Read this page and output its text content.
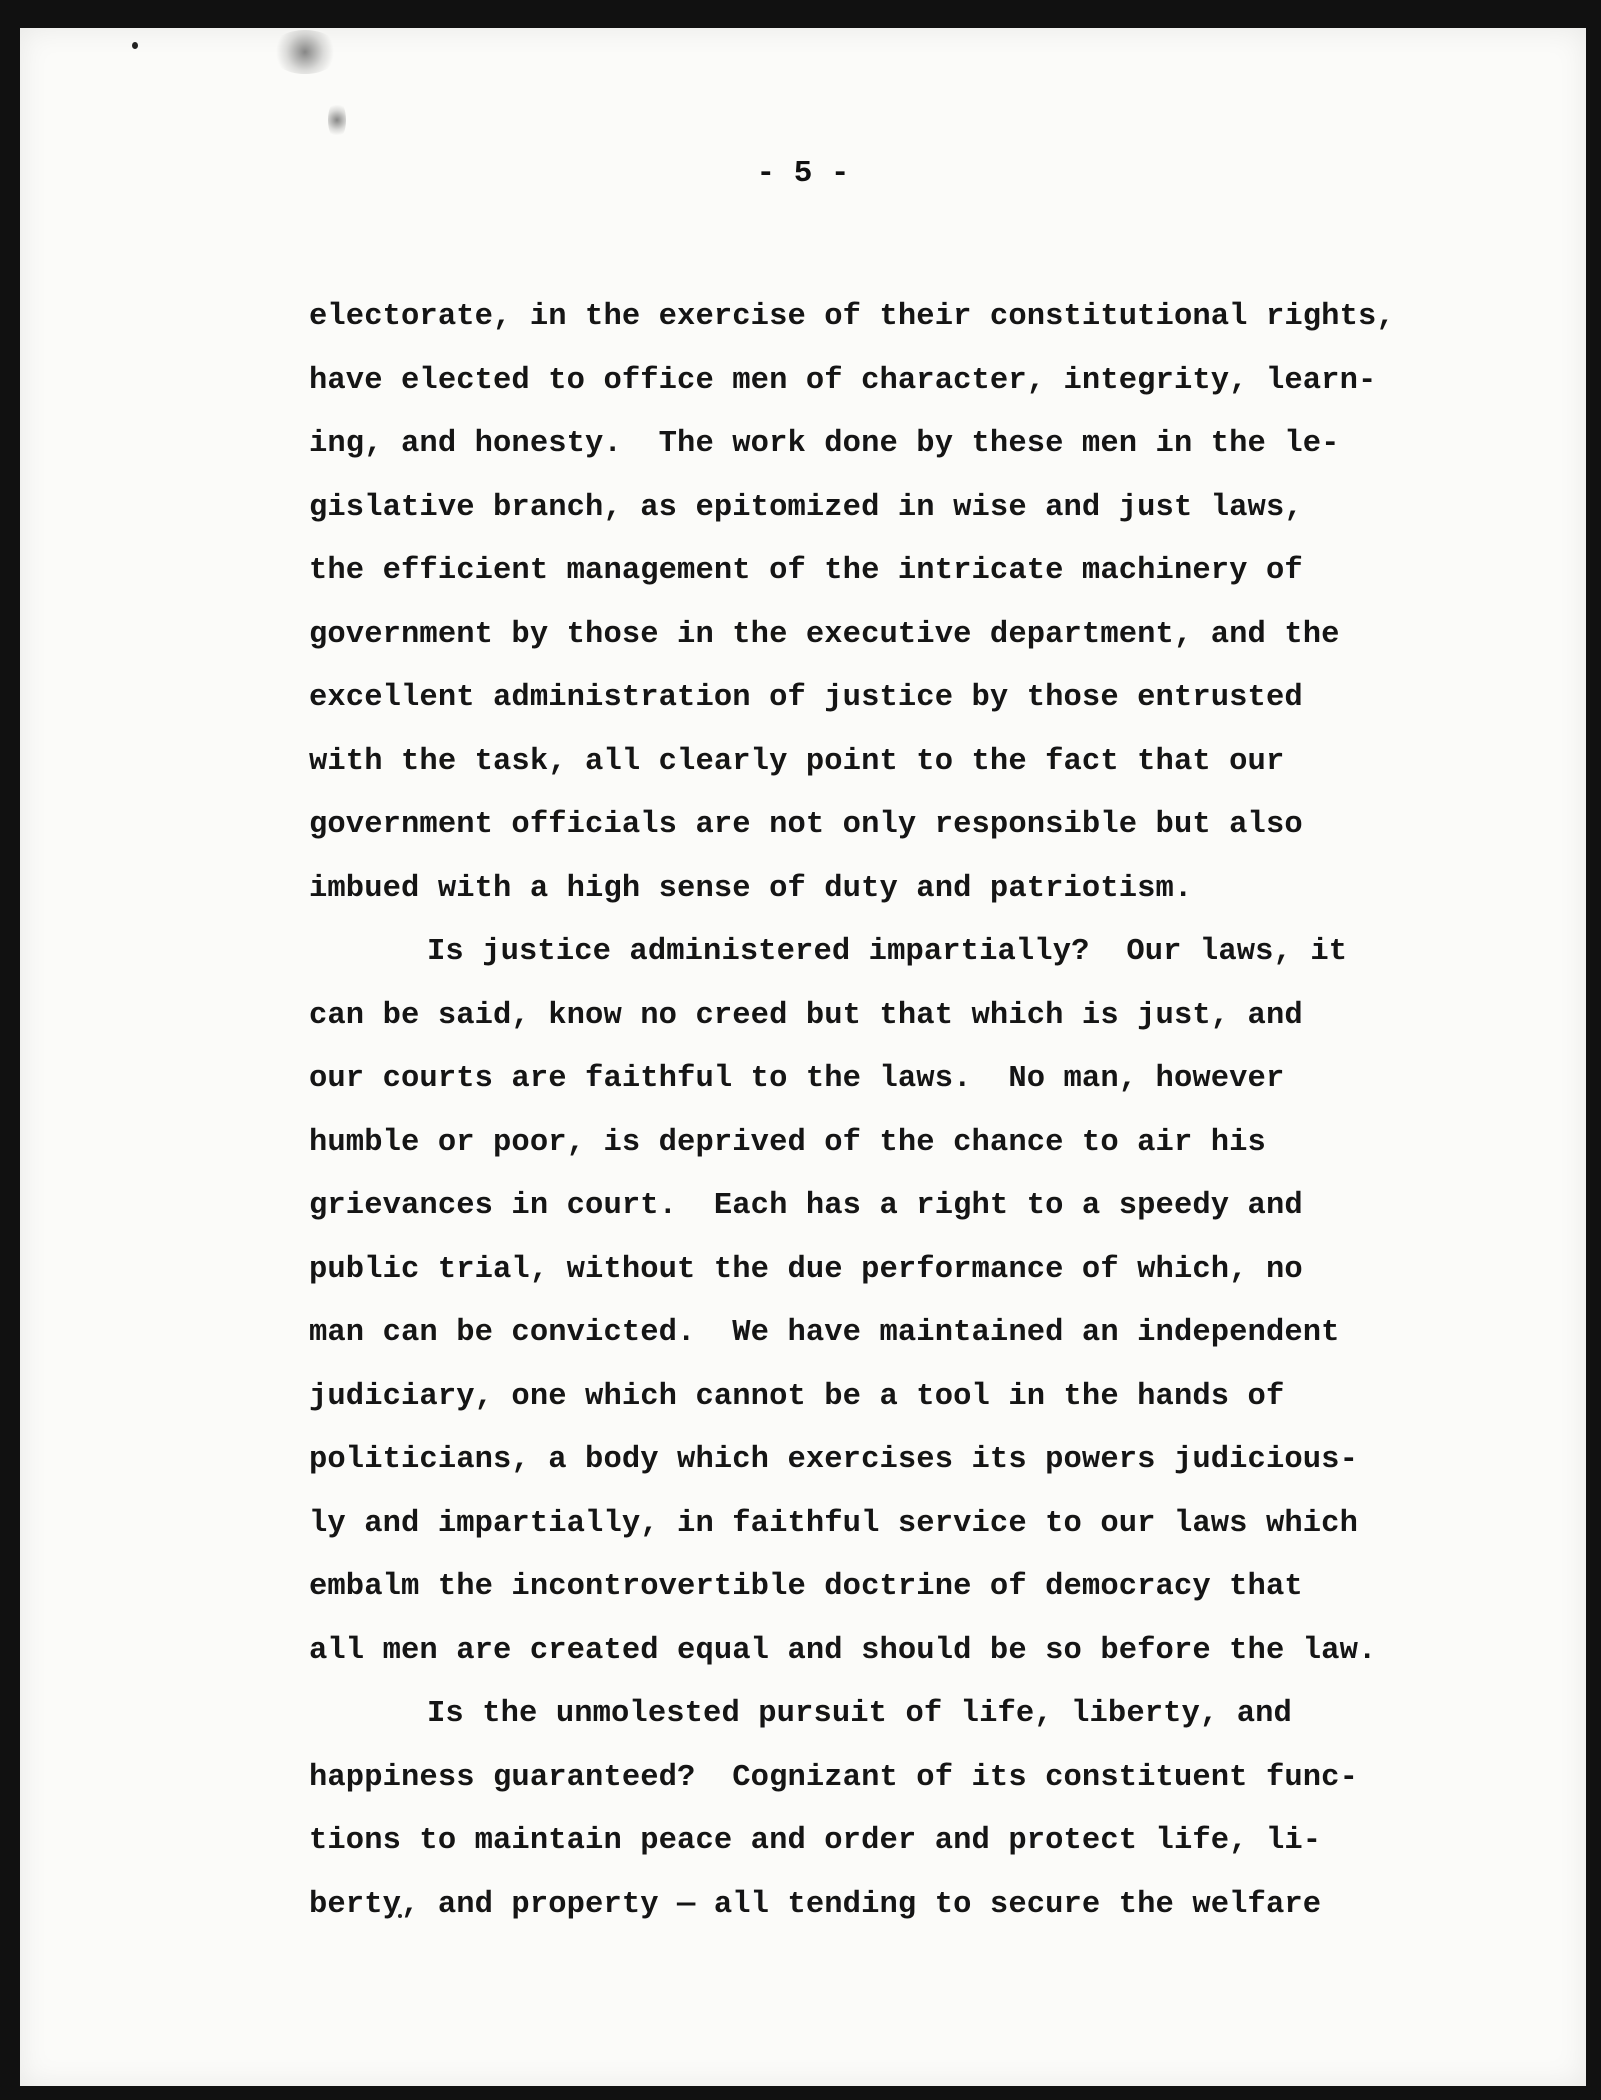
- 5 -
electorate, in the exercise of their constitutional rights,
have elected to office men of character, integrity, learn-
ing, and honesty.  The work done by these men in the le-
gislative branch, as epitomized in wise and just laws,
the efficient management of the intricate machinery of
government by those in the executive department, and the
excellent administration of justice by those entrusted
with the task, all clearly point to the fact that our
government officials are not only responsible but also
imbued with a high sense of duty and patriotism.
Is justice administered impartially?  Our laws, it
can be said, know no creed but that which is just, and
our courts are faithful to the laws.  No man, however
humble or poor, is deprived of the chance to air his
grievances in court.  Each has a right to a speedy and
public trial, without the due performance of which, no
man can be convicted.  We have maintained an independent
judiciary, one which cannot be a tool in the hands of
politicians, a body which exercises its powers judicious-
ly and impartially, in faithful service to our laws which
embalm the incontrovertible doctrine of democracy that
all men are created equal and should be so before the law.
Is the unmolested pursuit of life, liberty, and
happiness guaranteed?  Cognizant of its constituent func-
tions to maintain peace and order and protect life, li-
berty, and property — all tending to secure the welfare
